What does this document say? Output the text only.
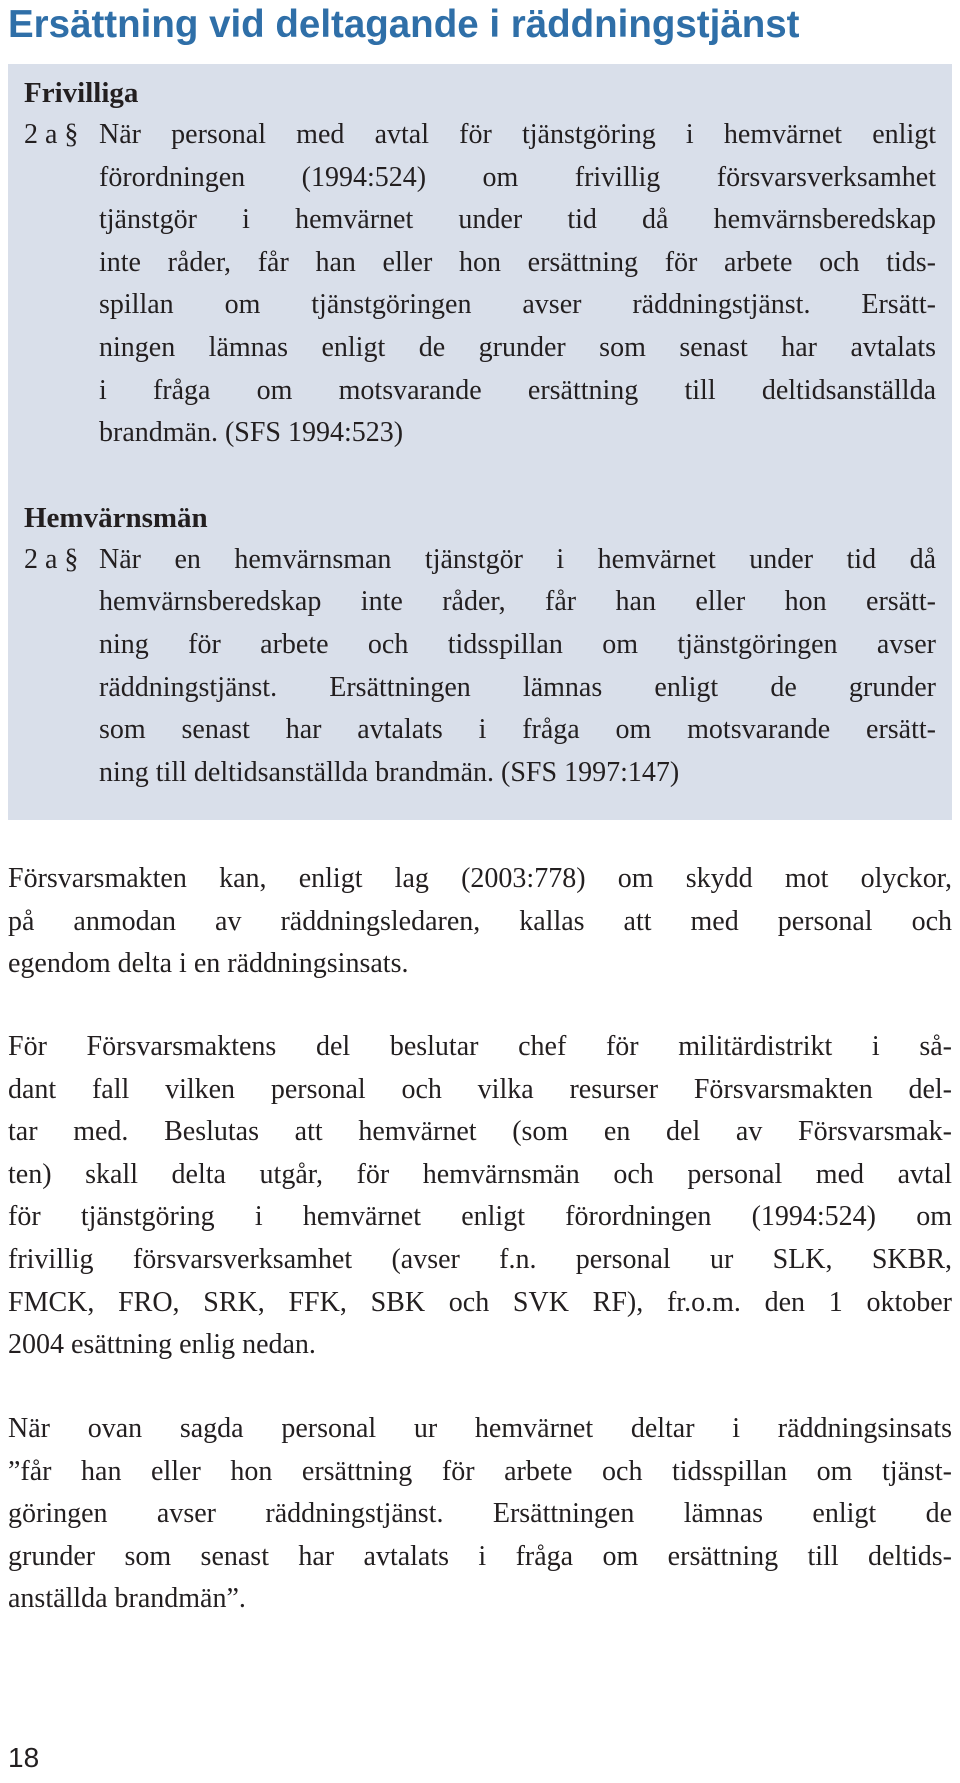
Ersättning vid deltagande i räddningstjänst
Frivilliga
2 a § När personal med avtal för tjänstgöring i hemvärnet enligt
förordningen (1994:524) om frivillig försvarsverksamhet
tjänstgör i hemvärnet under tid då hemvärnsberedskap
inte råder, får han eller hon ersättning för arbete och tids-
spillan om tjänstgöringen avser räddningstjänst. Ersätt-
ningen lämnas enligt de grunder som senast har avtalats
i fråga om motsvarande ersättning till deltidsanställda
brandmän. (SFS 1994:523)
Hemvärnsmän
2 a § När en hemvärnsman tjänstgör i hemvärnet under tid då
hemvärnsberedskap inte råder, får han eller hon ersätt-
ning för arbete och tidsspillan om tjänstgöringen avser
räddningstjänst. Ersättningen lämnas enligt de grunder
som senast har avtalats i fråga om motsvarande ersätt-
ning till deltidsanställda brandmän. (SFS 1997:147)
Försvarsmakten kan, enligt lag (2003:778) om skydd mot olyckor,
på anmodan av räddningsledaren, kallas att med personal och
egendom delta i en räddningsinsats.
För Försvarsmaktens del beslutar chef för militärdistrikt i så-
dant fall vilken personal och vilka resurser Försvarsmakten del-
tar med. Beslutas att hemvärnet (som en del av Försvarsmak-
ten) skall delta utgår, för hemvärnsmän och personal med avtal
för tjänstgöring i hemvärnet enligt förordningen (1994:524) om
frivillig försvarsverksamhet (avser f.n. personal ur SLK, SKBR,
FMCK, FRO, SRK, FFK, SBK och SVK RF), fr.o.m. den 1 oktober
2004 esättning enlig nedan.
När ovan sagda personal ur hemvärnet deltar i räddningsinsats
”får han eller hon ersättning för arbete och tidsspillan om tjänst-
göringen avser räddningstjänst. Ersättningen lämnas enligt de
grunder som senast har avtalats i fråga om ersättning till deltids-
anställda brandmän”.

18
